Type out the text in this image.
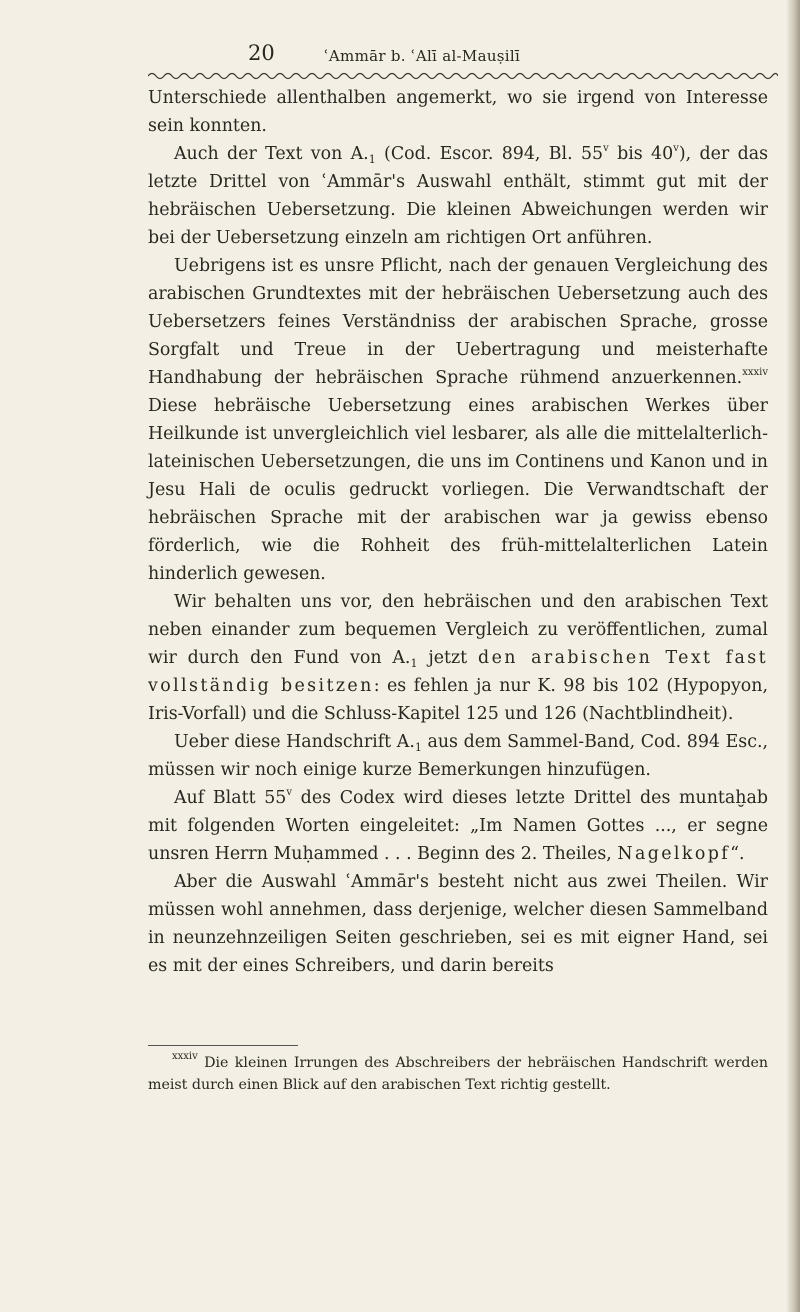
20	ʿAmmār b. ʿAlī al-Mauṣilī

Unterschiede allenthalben angemerkt, wo sie irgend von Interesse sein konnten.

Auch der Text von $A._1$ (Cod. Escor. 894, Bl. 55$^v$ bis 40$^v$), der das letzte Drittel von ʿAmmār's Auswahl enthält, stimmt gut mit der hebräischen Uebersetzung. Die kleinen Abweichungen werden wir bei der Uebersetzung einzeln am richtigen Ort anführen.

Uebrigens ist es unsre Pflicht, nach der genauen Vergleichung des arabischen Grundtextes mit der hebräischen Uebersetzung auch des Uebersetzers feines Verständniss der arabischen Sprache, grosse Sorgfalt und Treue in der Uebertragung und meisterhafte Handhabung der hebräischen Sprache rühmend anzuerkennen.$^{xxxiv}$ Diese hebräische Uebersetzung eines arabischen Werkes über Heilkunde ist unvergleichlich viel lesbarer, als alle die mittelalterlich-lateinischen Uebersetzungen, die uns im Continens und Kanon und in Jesu Hali de oculis gedruckt vorliegen. Die Verwandtschaft der hebräischen Sprache mit der arabischen war ja gewiss ebenso förderlich, wie die Rohheit des früh-mittelalterlichen Latein hinderlich gewesen.

Wir behalten uns vor, den hebräischen und den arabischen Text neben einander zum bequemen Vergleich zu veröffentlichen, zumal wir durch den Fund von $A._1$ jetzt den arabischen Text fast vollständig besitzen: es fehlen ja nur K. 98 bis 102 (Hypopyon, Iris-Vorfall) und die Schluss-Kapitel 125 und 126 (Nachtblindheit).

Ueber diese Handschrift $A._1$ aus dem Sammel-Band, Cod. 894 Esc., müssen wir noch einige kurze Bemerkungen hinzufügen.

Auf Blatt 55$^v$ des Codex wird dieses letzte Drittel des muntaḫab mit folgenden Worten eingeleitet: „Im Namen Gottes ..., er segne unsren Herrn Muḥammed . . . Beginn des 2. Theiles, Nagelkopf“.

Aber die Auswahl ʿAmmār's besteht nicht aus zwei Theilen. Wir müssen wohl annehmen, dass derjenige, welcher diesen Sammelband in neunzehnzeiligen Seiten geschrieben, sei es mit eigner Hand, sei es mit der eines Schreibers, und darin bereits

$^{xxxiv}$ Die kleinen Irrungen des Abschreibers der hebräischen Handschrift werden meist durch einen Blick auf den arabischen Text richtig gestellt.
